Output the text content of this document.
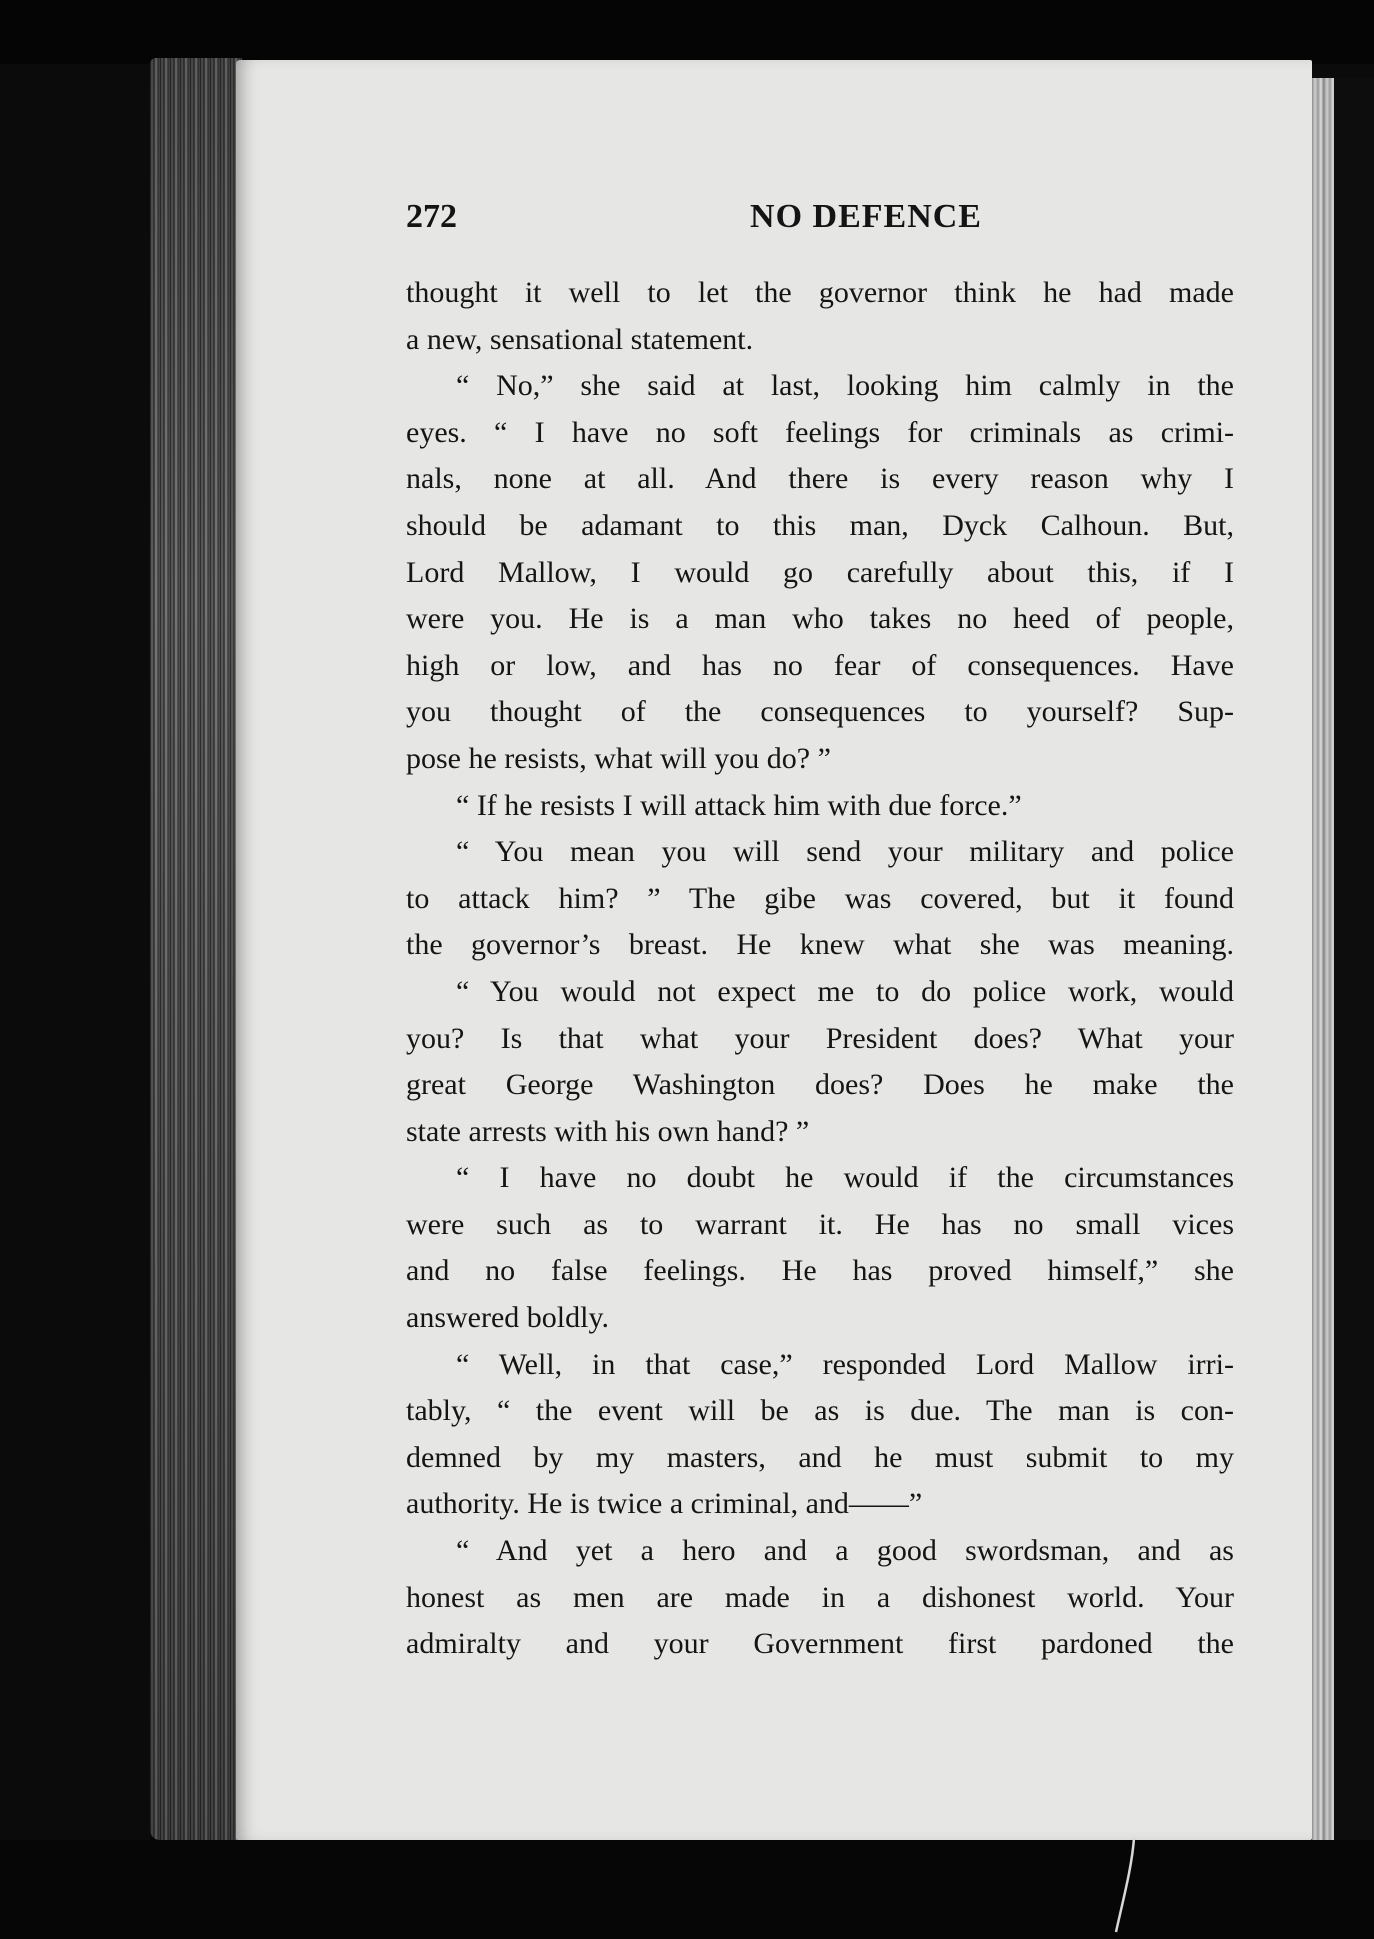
272	NO DEFENCE
thought it well to let the governor think he had made
a new, sensational statement.
“ No,” she said at last, looking him calmly in the
eyes. “ I have no soft feelings for criminals as crimi-
nals, none at all. And there is every reason why I
should be adamant to this man, Dyck Calhoun. But,
Lord Mallow, I would go carefully about this, if I
were you. He is a man who takes no heed of people,
high or low, and has no fear of consequences. Have
you thought of the consequences to yourself? Sup-
pose he resists, what will you do? ”
“ If he resists I will attack him with due force.”
“ You mean you will send your military and police
to attack him? ” The gibe was covered, but it found
the governor’s breast. He knew what she was meaning.
“ You would not expect me to do police work, would
you? Is that what your President does? What your
great George Washington does? Does he make the
state arrests with his own hand? ”
“ I have no doubt he would if the circumstances
were such as to warrant it. He has no small vices
and no false feelings. He has proved himself,” she
answered boldly.
“ Well, in that case,” responded Lord Mallow irri-
tably, “ the event will be as is due. The man is con-
demned by my masters, and he must submit to my
authority. He is twice a criminal, and——”
“ And yet a hero and a good swordsman, and as
honest as men are made in a dishonest world. Your
admiralty and your Government first pardoned the
